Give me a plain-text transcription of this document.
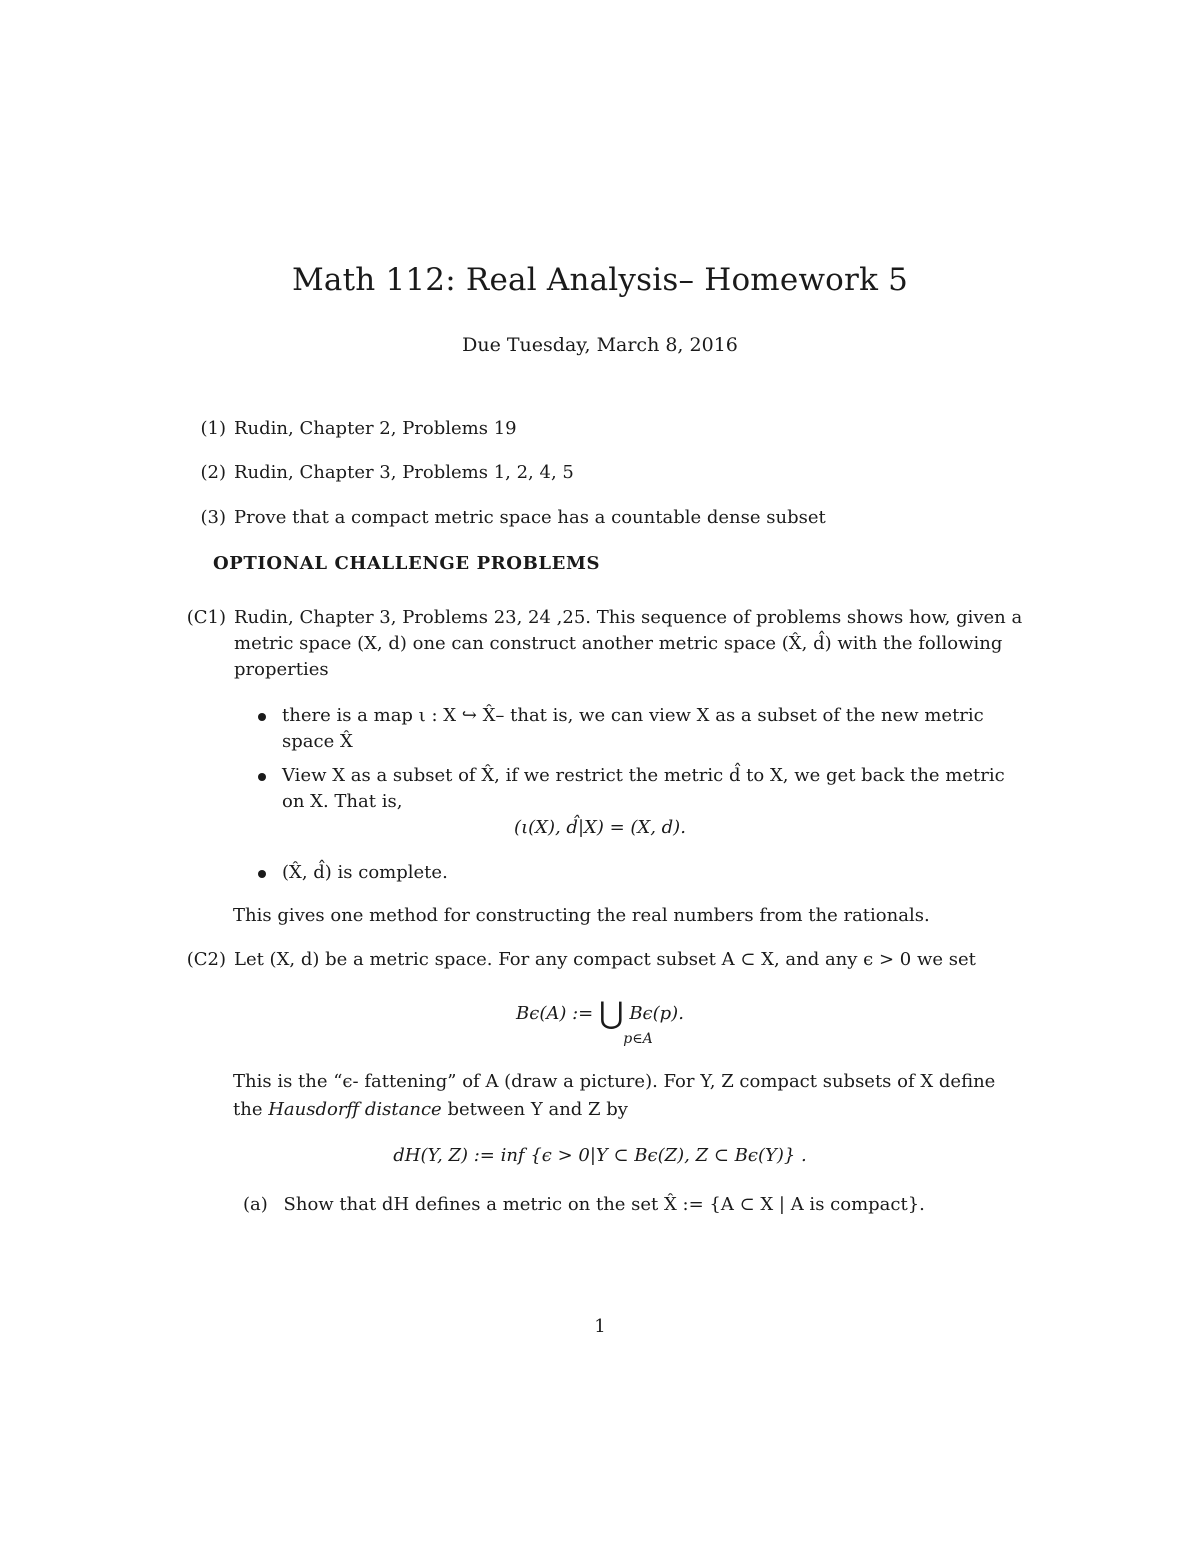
Math 112: Real Analysis– Homework 5
Due Tuesday, March 8, 2016
(1) Rudin, Chapter 2, Problems 19
(2) Rudin, Chapter 3, Problems 1, 2, 4, 5
(3) Prove that a compact metric space has a countable dense subset
OPTIONAL CHALLENGE PROBLEMS
(C1) Rudin, Chapter 3, Problems 23, 24 ,25. This sequence of problems shows how, given a
metric space (X, d) one can construct another metric space (X̂, d̂) with the following
properties
there is a map ι : X ↪ X̂– that is, we can view X as a subset of the new metric
space X̂
View X as a subset of X̂, if we restrict the metric d̂ to X, we get back the metric
on X. That is,
(ι(X), d̂|X) = (X, d).
(X̂, d̂) is complete.
This gives one method for constructing the real numbers from the rationals.
(C2) Let (X, d) be a metric space. For any compact subset A ⊂ X, and any ϵ > 0 we set
Bϵ(A) := ⋃ Bϵ(p).
p∈A
This is the “ϵ- fattening” of A (draw a picture). For Y, Z compact subsets of X define
the Hausdorff distance between Y and Z by
dH(Y, Z) := inf {ϵ > 0|Y ⊂ Bϵ(Z), Z ⊂ Bϵ(Y)} .
(a) Show that dH defines a metric on the set X̂ := {A ⊂ X | A is compact}.
1
